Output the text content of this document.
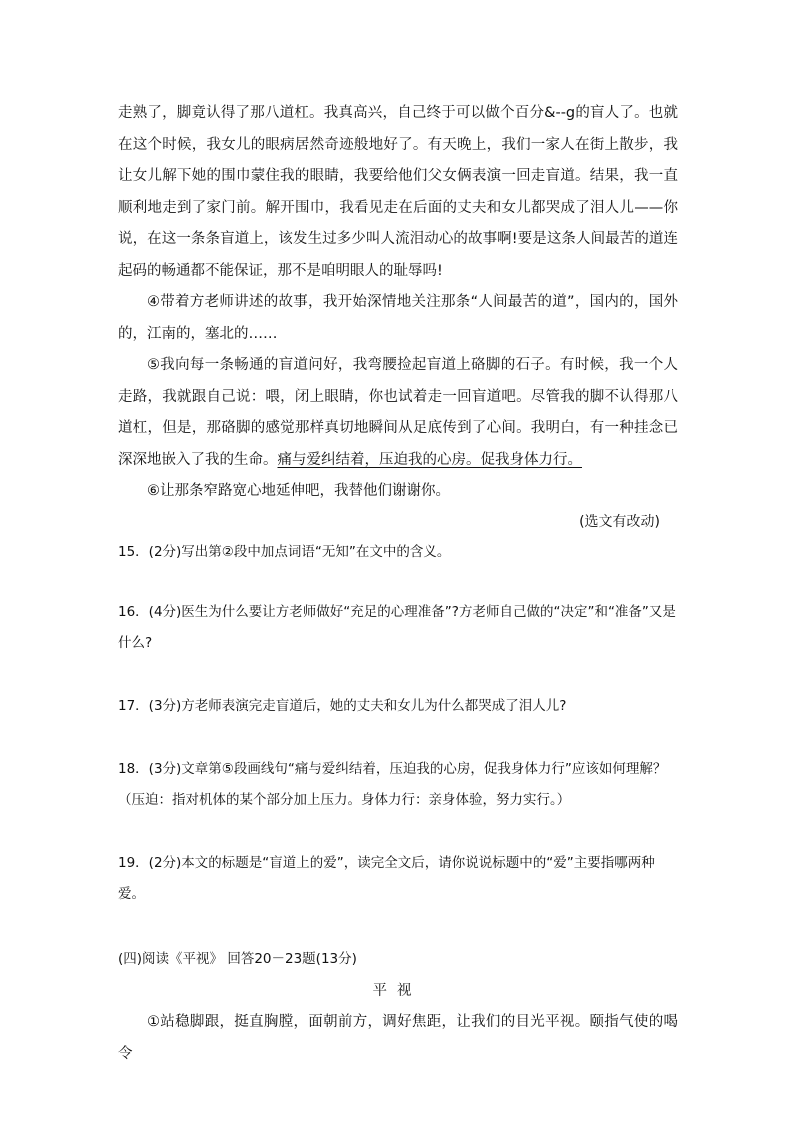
走熟了，脚竟认得了那八道杠。我真高兴，自己终于可以做个百分&--g的盲人了。也就在这个时候，我女儿的眼病居然奇迹般地好了。有天晚上，我们一家人在街上散步，我让女儿解下她的围巾蒙住我的眼睛，我要给他们父女俩表演一回走盲道。结果，我一直顺利地走到了家门前。解开围巾，我看见走在后面的丈夫和女儿都哭成了泪人儿——你说，在这一条条盲道上，该发生过多少叫人流泪动心的故事啊!要是这条人间最苦的道连起码的畅通都不能保证，那不是咱明眼人的耻辱吗!

④带着方老师讲述的故事，我开始深情地关注那条“人间最苦的道”，国内的，国外的，江南的，塞北的……

⑤我向每一条畅通的盲道问好，我弯腰捡起盲道上硌脚的石子。有时候，我一个人走路，我就跟自己说：喂，闭上眼睛，你也试着走一回盲道吧。尽管我的脚不认得那八道杠，但是，那硌脚的感觉那样真切地瞬间从足底传到了心间。我明白，有一种挂念已深深地嵌入了我的生命。痛与爱纠结着，压迫我的心房。促我身体力行。

⑥让那条窄路宽心地延伸吧，我替他们谢谢你。

(选文有改动)

15．(2分)写出第②段中加点词语“无知”在文中的含义。

16．(4分)医生为什么要让方老师做好“充足的心理准备”?方老师自己做的“决定”和“准备”又是什么?

17．(3分)方老师表演完走盲道后，她的丈夫和女儿为什么都哭成了泪人儿?

18．(3分)文章第⑤段画线句“痛与爱纠结着，压迫我的心房，促我身体力行”应该如何理解？（压迫：指对机体的某个部分加上压力。身体力行：亲身体验，努力实行。）

19．(2分)本文的标题是“盲道上的爱”，读完全文后，请你说说标题中的“爱”主要指哪两种爱。

(四)阅读《平视》 回答20－23题(13分)

平视

①站稳脚跟，挺直胸膛，面朝前方，调好焦距，让我们的目光平视。颐指气使的喝令
